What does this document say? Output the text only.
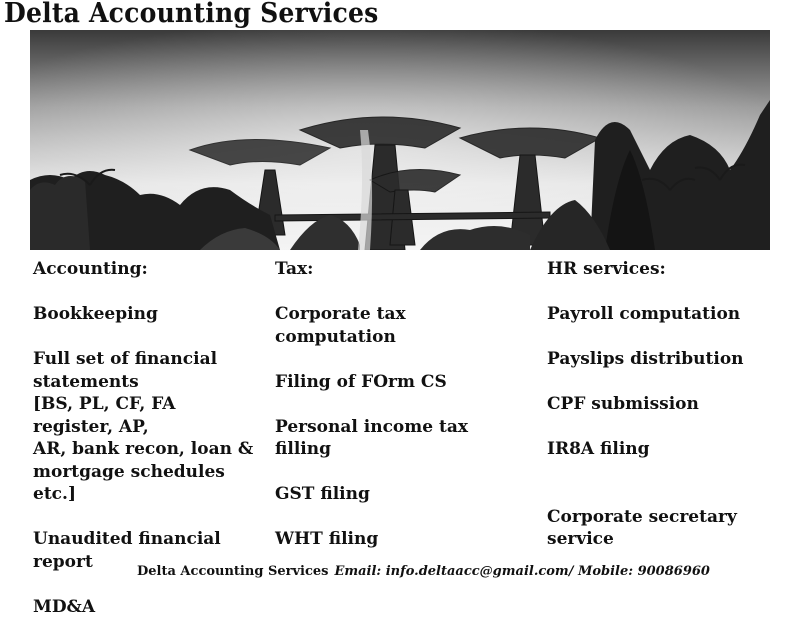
Delta Accounting Services

Accounting:

Bookkeeping

Full set of financial

statements

[BS, PL, CF, FA register, AP,

AR, bank recon, loan &

mortgage schedules etc.]

Unaudited financial report

MD&A

Tax:

Corporate tax computation

Filing of FOrm CS

Personal income tax filling

GST filing

WHT filing

HR services:

Payroll computation

Payslips distribution

CPF submission

IR8A filing

Corporate secretary service

Delta Accounting Services Email: info.deltaacc@gmail.com/ Mobile: 90086960
